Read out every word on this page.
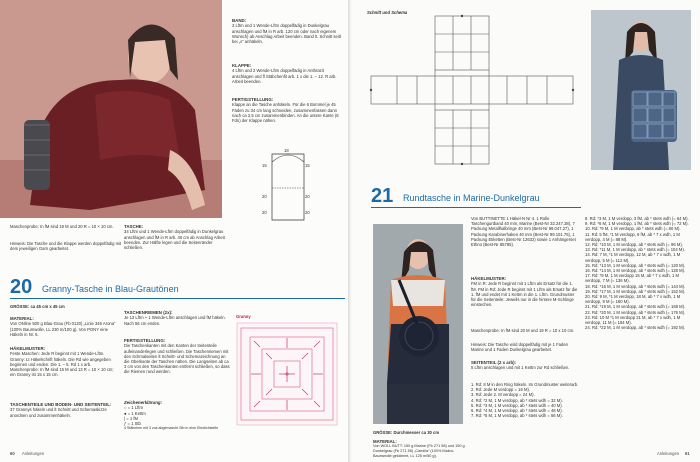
BAND:
3 Lftm und 1 Wende-Lftm doppelfädig in Dunkelgrau anschlagen und fM in R arb. 120 cm oder nach eigenem Wunsch) ab Anschlag Arbeit beenden. Band lt. Schnitt seitl bei „x“ anhäkeln.
KLAPPE:
4 Lftm und 2 Wende-Lftm doppelfädig in Anthrazit anschlagen und fl Stäbchenfit arb. 1 x die 1. – 12. R arb. Arbeit beenden.
FERTIGSTELLUNG:
Klappe an die Tasche anhäkeln. Für die 6 Bommel je 45 Fäden zu 34 cm lang schneiden, zusammenfassen dann nach ca 2,5 cm zusammenbinden. An die untere Kante (8 Fdn) der Klappe nähen.
18
15	15
20	20
20	20
Maschenprobe: In fM sind 19 M und 20 R = 10 × 10 cm.
Hinweis: Die Tasche und die Klappe werden doppelfädig mit dem jeweiligen Garn gearbeitet.
TASCHE:
34 Lftm und 1 Wende-Lftm doppelfädig in Dunkelgrau anschlagen und fM in R arb. 40 cm ab Anschlag Arbeit beenden. Zur Hälfte legen und die Seitenränder schließen.
20 Granny-Tasche in Blau-Grautönen
GRÖSSE: ca 45 cm x 45 cm
MATERIAL:
Von ONline 500 g Blau-Grau (Fb 0120) „Linie 346 Arona“ (100% Baumwolle, LL 230 m/100 g). Von PONY eine Häkeln in Nr. 5.
HÄKELMUSTER:
Feste Maschen: Jede R beginnt mit 1 Wende-Lftm. Granny: Lt Häkelschrift häkeln. Die Rd wie angegeben beginnen und enden. Die 1. – 5. Rd 1 x arb. Maschenprobe: In fM sind 15 M und 13 R = 10 × 10 cm; ein Granny ist 15 x 15 cm.
TASCHENTEILE UND BODEN- UND SEITENTEIL:
37 Grannys häkeln und lt Schnitt und Schemaskizze anordnen und zusammenhäkeln.
TASCHENRIEMEN (2x):
Je 13 Lftm + 1 Wende-Lftm anschlagen und fM häkeln. Nach 56 cm enden.
FERTIGSTELLUNG:
Die Taschenkanten mit den Kanten der Seitenteile aufeinanderlegen und schließen. Die Taschenriemen mit den Schmalseiten lt Schnitt- und Schemazeichnung an die Oberkante der Taschen nähen. Die Langseiten ab ca 3 cm von den Taschenkanten entfernt schließen, so dass die Riemen rund werden.
Zeichenerklärung:
○ = 1 Lftm
● = 1 Kettm
| = 1 fM
ƒ = 1 Stb
4 Stäbchen mit 3 zus abgemascht Stb in eine Einstichstelle
Granny
60 Anleitungen
Schnitt und Schema
21 Rundtasche in Marine-Dunkelgrau
GRÖSSE: Durchmesser ca 30 cm
MATERIAL:
Von WOLL BUTT: 150 g Marine (Fb 271 58) und 150 g Dunkelgrau (Fb 271 55) „Camilla“ (100% Makro-Baumwolle gekämmt, LL 125 m/50 g).
Von BUTTINETTE 1 Häkel-N Nr 4. 1 Rolle Taschengurtband 40 mm, Marine (Best-Nr 32.247.38), 7 Packung Metallhalbringe 40 mm (Best-Nr 99.047.27), 1 Packung Karabinerhaken 40 mm (Best-Nr 99.101.75), 1 Packung Etiketten (Best-Nr 12632) sowie 1 Anhängerset Ethno (Best-Nr 85785).
HÄKELMUSTER:
FM in R: Jede R beginnt mit 1 Lftm als Ersatz für die 1. fM. FM in Rd: Jede R beginnt mit 1 Lftm als Ersatz für die 1. fM und endet mit 1 Kettm in die 1. Lftm. Grundmuster für die Seitenteile: Jeweils nur in die hintere M-Schlinge einstechen.
Maschenprobe: In fM sind 20 M und 19 R = 10 x 10 cm.
Hinweis: Die Tasche wird doppelfädig mit je 1 Faden Marine und 1 Faden Dunkelgrau gearbeitet.
SEITENTEIL (2 x arb):
5 Lftm anschlagen und mit 1 Kettm zur Rd schließen.
1. Rd: 8 M in den Ring häkeln. Im Grundmuster weiterarb.
2. Rd: Jede M verdopp = 16 M).
3. Rd: Jede 2. M verdopp = 24 M).
4. Rd: *2 M, 1 M verdopp, ab * stets wdh = 32 M).
5. Rd: *3 M, 1 M verdopp, ab * stets wdh = 40 M).
6. Rd: *4 M, 1 M verdopp, ab * stets wdh = 48 M).
7. Rd: *5 M, 1 M verdopp, ab * stets wdh = 56 M).
8. Rd: *3 M, 1 M verdopp, 3 fM, ab * stets wdh (= 64 M).
9. Rd: *6 M, 1 M verdopp, 1 fM, ab * stets wdh (= 72 M).
10. Rd: *9 M, 1 M verdopp, ab * stets wdh (= 80 M).
11. Rd: 5 fM, *1 M verdopp, 9 fM, ab * 7 x wdh, 1 M verdopp, 4 M (= 88 M).
12. Rd: *10 M, 1 M verdopp, ab * stets wdh (= 96 M).
13. Rd: *11 M, 1 M verdopp, ab * stets wdh (= 104 M).
14. Rd: 7 M, *1 M verdopp, 12 M, ab * 7 x wdh, 1 M verdopp, 5 M (= 112 M).
15. Rd: *13 M, 1 M verdopp, ab * stets wdh (= 120 M).
16. Rd: *14 M, 1 M verdopp, ab * stets wdh (= 128 M).
17. Rd: *9 M, 1 M verdopp 15 M, ab * 7 x wdh, 1 M verdopp, 7 M (= 136 M).
18. Rd: *16 M, 1 M verdopp, ab * stets wdh (= 144 M).
19. Rd: *17 M, 1 M verdopp, ab * stets wdh (= 152 M).
20. Rd: 9 M, *1 M verdopp, 18 M, ab * 7 x wdh, 1 M verdopp, 9 M (= 160 M).
21. Rd: *19 M, 1 M verdopp, ab * stets wdh (= 168 M).
22. Rd: *20 M, 1 M verdopp, ab * stets wdh (= 176 M).
23. Rd: 10 M *1 M verdopp 21 M, ab * 7 x wdh, 1 M verdopp, 11 M (= 184 M).
24. Rd: *22 M, 1 M verdopp, ab * stets wdh (= 192 M).
Anleitungen 61
